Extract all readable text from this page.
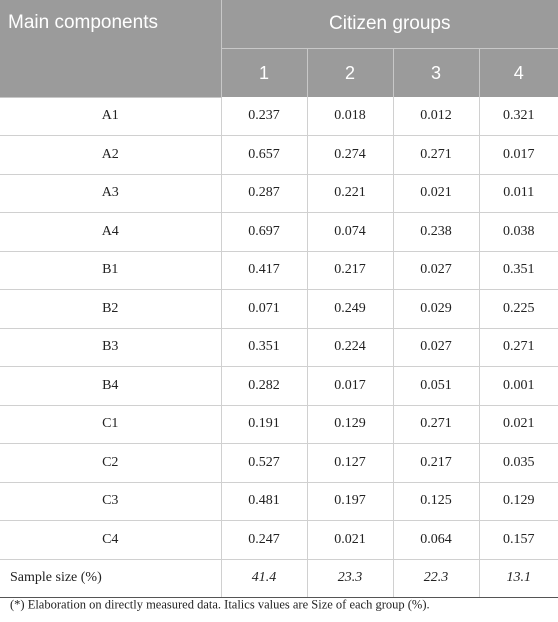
Main components	Citizen groups			
	1	2	3	4
A1	0.237	0.018	0.012	0.321
A2	0.657	0.274	0.271	0.017
A3	0.287	0.221	0.021	0.011
A4	0.697	0.074	0.238	0.038
B1	0.417	0.217	0.027	0.351
B2	0.071	0.249	0.029	0.225
B3	0.351	0.224	0.027	0.271
B4	0.282	0.017	0.051	0.001
C1	0.191	0.129	0.271	0.021
C2	0.527	0.127	0.217	0.035
C3	0.481	0.197	0.125	0.129
C4	0.247	0.021	0.064	0.157
Sample size (%)	41.4	23.3	22.3	13.1
(*) Elaboration on directly measured data. Italics values are Size of each group (%).
